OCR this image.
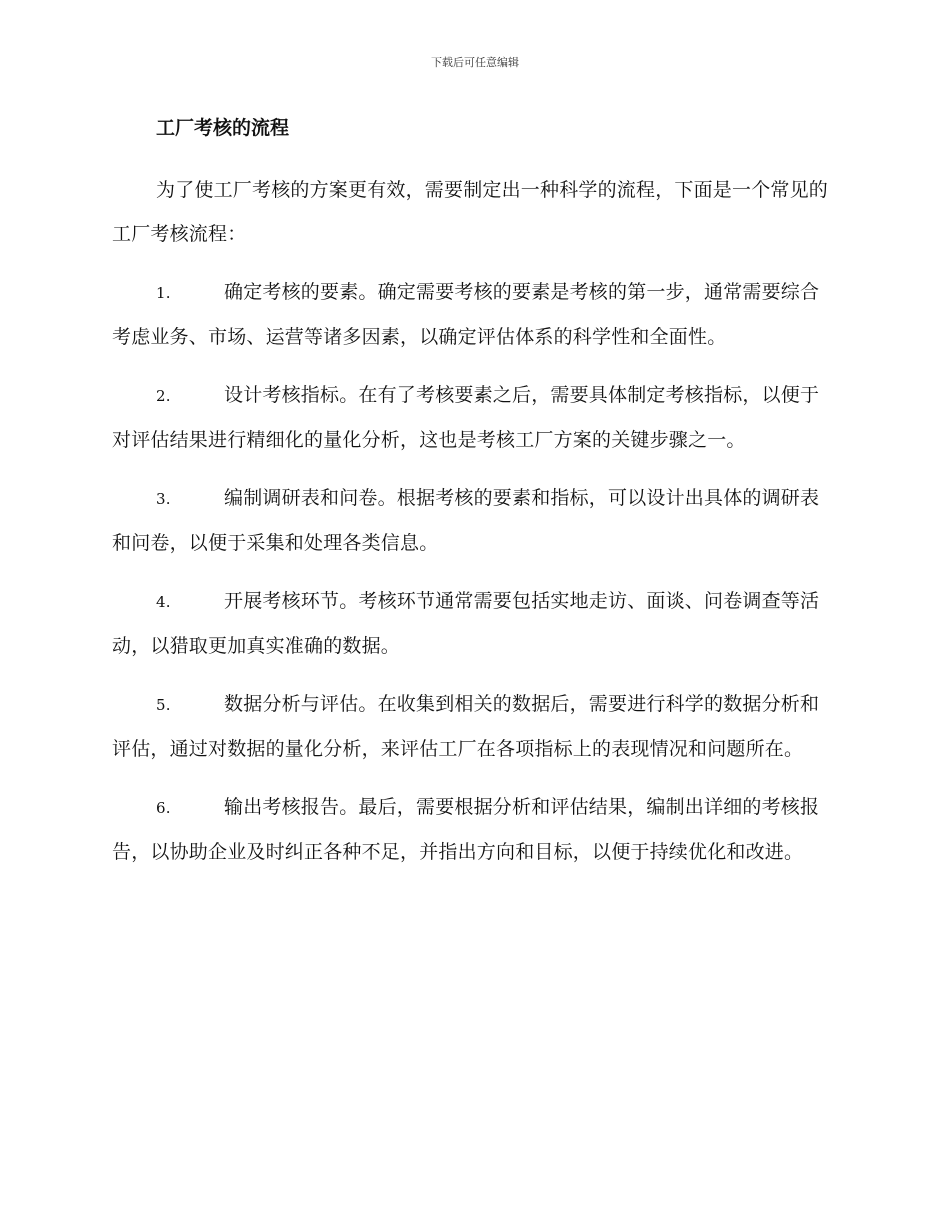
下载后可任意编辑
工厂考核的流程

为了使工厂考核的方案更有效，需要制定出一种科学的流程，下面是一个常见的工厂考核流程：

1.	确定考核的要素。确定需要考核的要素是考核的第一步，通常需要综合考虑业务、市场、运营等诸多因素，以确定评估体系的科学性和全面性。

2.	设计考核指标。在有了考核要素之后，需要具体制定考核指标，以便于对评估结果进行精细化的量化分析，这也是考核工厂方案的关键步骤之一。

3.	编制调研表和问卷。根据考核的要素和指标，可以设计出具体的调研表和问卷，以便于采集和处理各类信息。

4.	开展考核环节。考核环节通常需要包括实地走访、面谈、问卷调查等活动，以猎取更加真实准确的数据。

5.	数据分析与评估。在收集到相关的数据后，需要进行科学的数据分析和评估，通过对数据的量化分析，来评估工厂在各项指标上的表现情况和问题所在。

6.	输出考核报告。最后，需要根据分析和评估结果，编制出详细的考核报告，以协助企业及时纠正各种不足，并指出方向和目标，以便于持续优化和改进。
